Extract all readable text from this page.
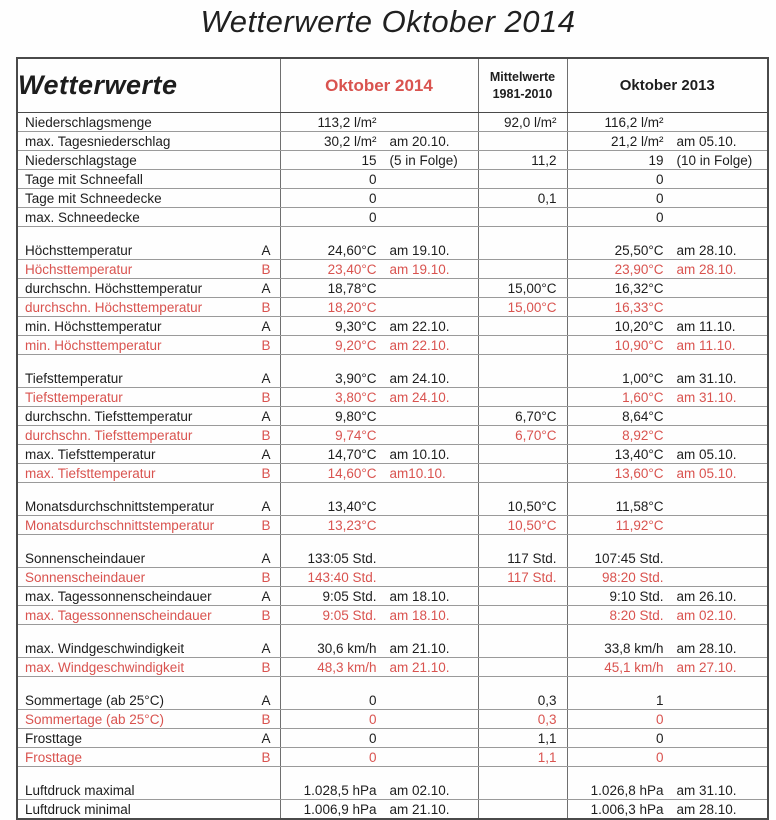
Wetterwerte Oktober 2014
Wetterwerte	Oktober 2014	Mittelwerte
1981-2010	Oktober 2013

Niederschlagsmenge	113,2 l/m²	92,0 l/m²	116,2 l/m²

max. Tagesniederschlag	30,2 l/m² am 20.10.		21,2 l/m² am 05.10.

Niederschlagstage	15 (5 in Folge)	11,2	19 (10 in Folge)

Tage mit Schneefall	0		0

Tage mit Schneedecke	0	0,1	0

max. Schneedecke	0		0

Höchsttemperatur A	24,60°C am 19.10.		25,50°C am 28.10.

Höchsttemperatur B	23,40°C am 19.10.		23,90°C am 28.10.

durchschn. Höchsttemperatur A	18,78°C	15,00°C	16,32°C

durchschn. Höchsttemperatur B	18,20°C	15,00°C	16,33°C

min. Höchsttemperatur A	9,30°C am 22.10.		10,20°C am 11.10.

min. Höchsttemperatur B	9,20°C am 22.10.		10,90°C am 11.10.

Tiefsttemperatur A	3,90°C am 24.10.		1,00°C am 31.10.

Tiefsttemperatur B	3,80°C am 24.10.		1,60°C am 31.10.

durchschn. Tiefsttemperatur A	9,80°C	6,70°C	8,64°C

durchschn. Tiefsttemperatur B	9,74°C	6,70°C	8,92°C

max. Tiefsttemperatur A	14,70°C am 10.10.		13,40°C am 05.10.

max. Tiefsttemperatur B	14,60°C am10.10.		13,60°C am 05.10.

Monatsdurchschnittstemperatur A	13,40°C	10,50°C	11,58°C

Monatsdurchschnittstemperatur B	13,23°C	10,50°C	11,92°C

Sonnenscheindauer A	133:05 Std.	117 Std.	107:45 Std.

Sonnenscheindauer B	143:40 Std.	117 Std.	98:20 Std.

max. Tagessonnenscheindauer A	9:05 Std. am 18.10.		9:10 Std. am 26.10.

max. Tagessonnenscheindauer B	9:05 Std. am 18.10.		8:20 Std. am 02.10.

max. Windgeschwindigkeit A	30,6 km/h am 21.10.		33,8 km/h am 28.10.

max. Windgeschwindigkeit B	48,3 km/h am 21.10.		45,1 km/h am 27.10.

Sommertage (ab 25°C) A	0	0,3	1

Sommertage (ab 25°C) B	0	0,3	0

Frosttage A	0	1,1	0

Frosttage B	0	1,1	0

Luftdruck maximal	1.028,5 hPa am 02.10.		1.026,8 hPa am 31.10.

Luftdruck minimal	1.006,9 hPa am 21.10.		1.006,3 hPa am 28.10.
